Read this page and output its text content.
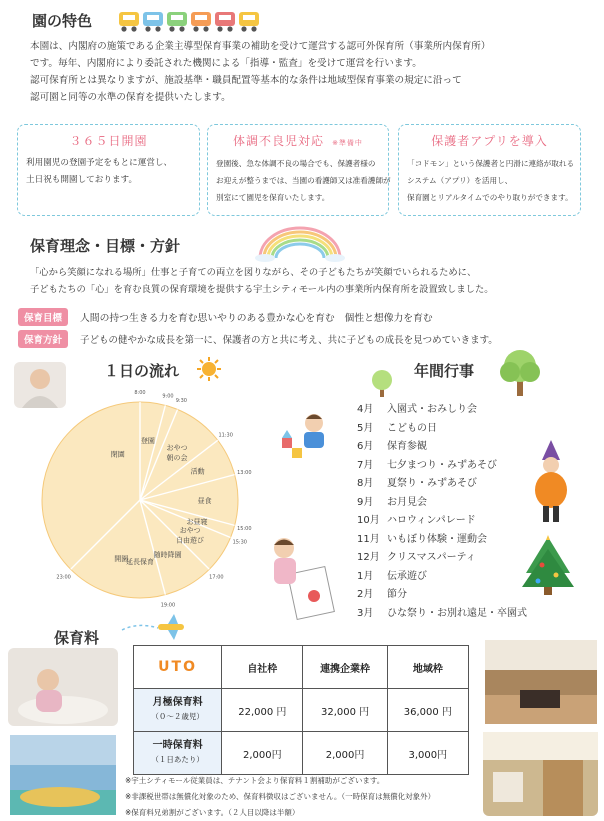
園の特色
本園は、内閣府の施策である企業主導型保育事業の補助を受けて運営する認可外保育所（事業所内保育所）
です。毎年、内閣府により委託された機関による「指導・監査」を受けて運営を行います。
認可保育所とは異なりますが、施設基準・職員配置等基本的な条件は地域型保育事業の規定に沿って
認可園と同等の水準の保育を提供いたします。
３６５日開園
利用園児の登園予定をもとに運営し、
土日祝も開園しております。
体調不良児対応 ※準備中
登園後、急な体調不良の場合でも、保護者様の
お迎えが整うまでは、当園の看護師又は准看護師が
別室にて園児を保育いたします。
保護者アプリを導入
「コドモン」という保護者と円滑に連絡が取れる
システム（アプリ）を活用し、
保育園とリアルタイムでのやり取りができます。
保育理念・目標・方針
「心から笑顔になれる場所」仕事と子育ての両立を図りながら、その子どもたちが笑顔でいられるために、
子どもたちの「心」を育む良質の保育環境を提供する宇土シティモール内の事業所内保育所を設置致しました。
保育目標	人間の持つ生きる力を育む思いやりのある豊かな心を育む　個性と想像力を育む
保育方針	子どもの健やかな成長を第一に、保護者の方と共に考え、共に子どもの成長を見つめていきます。
１日の流れ
8:00
9:00
9:30
11:30
13:00
15:00
15:30
17:00
19:00
23:00
開園
登園
おやつ
朝の会
活動
昼食
お昼寝
おやつ
自由遊び
随時降園
延長保育
閉園
年間行事
4月 入園式・おみしり会
5月 こどもの日
6月 保育参観
7月 七夕まつり・みずあそび
8月 夏祭り・みずあそび
9月 お月見会
10月 ハロウィンパレード
11月 いもぼり体験・運動会
12月 クリスマスパーティ
1月 伝承遊び
2月 節分
3月 ひな祭り・お別れ遠足・卒園式
保育料
UTO	自社枠	連携企業枠	地域枠
月極保育料
（０～２歳児）	22,000 円	32,000 円	36,000 円
一時保育料
（１日あたり）	2,000円	2,000円	3,000円
※宇土シティモール従業員は、テナント会より保育料１割補助がございます。
※非課税世帯は無償化対象のため、保育料徴収はございません。（一時保育は無償化対象外）
※保育料兄弟割がございます。（２人目以降は半額）
